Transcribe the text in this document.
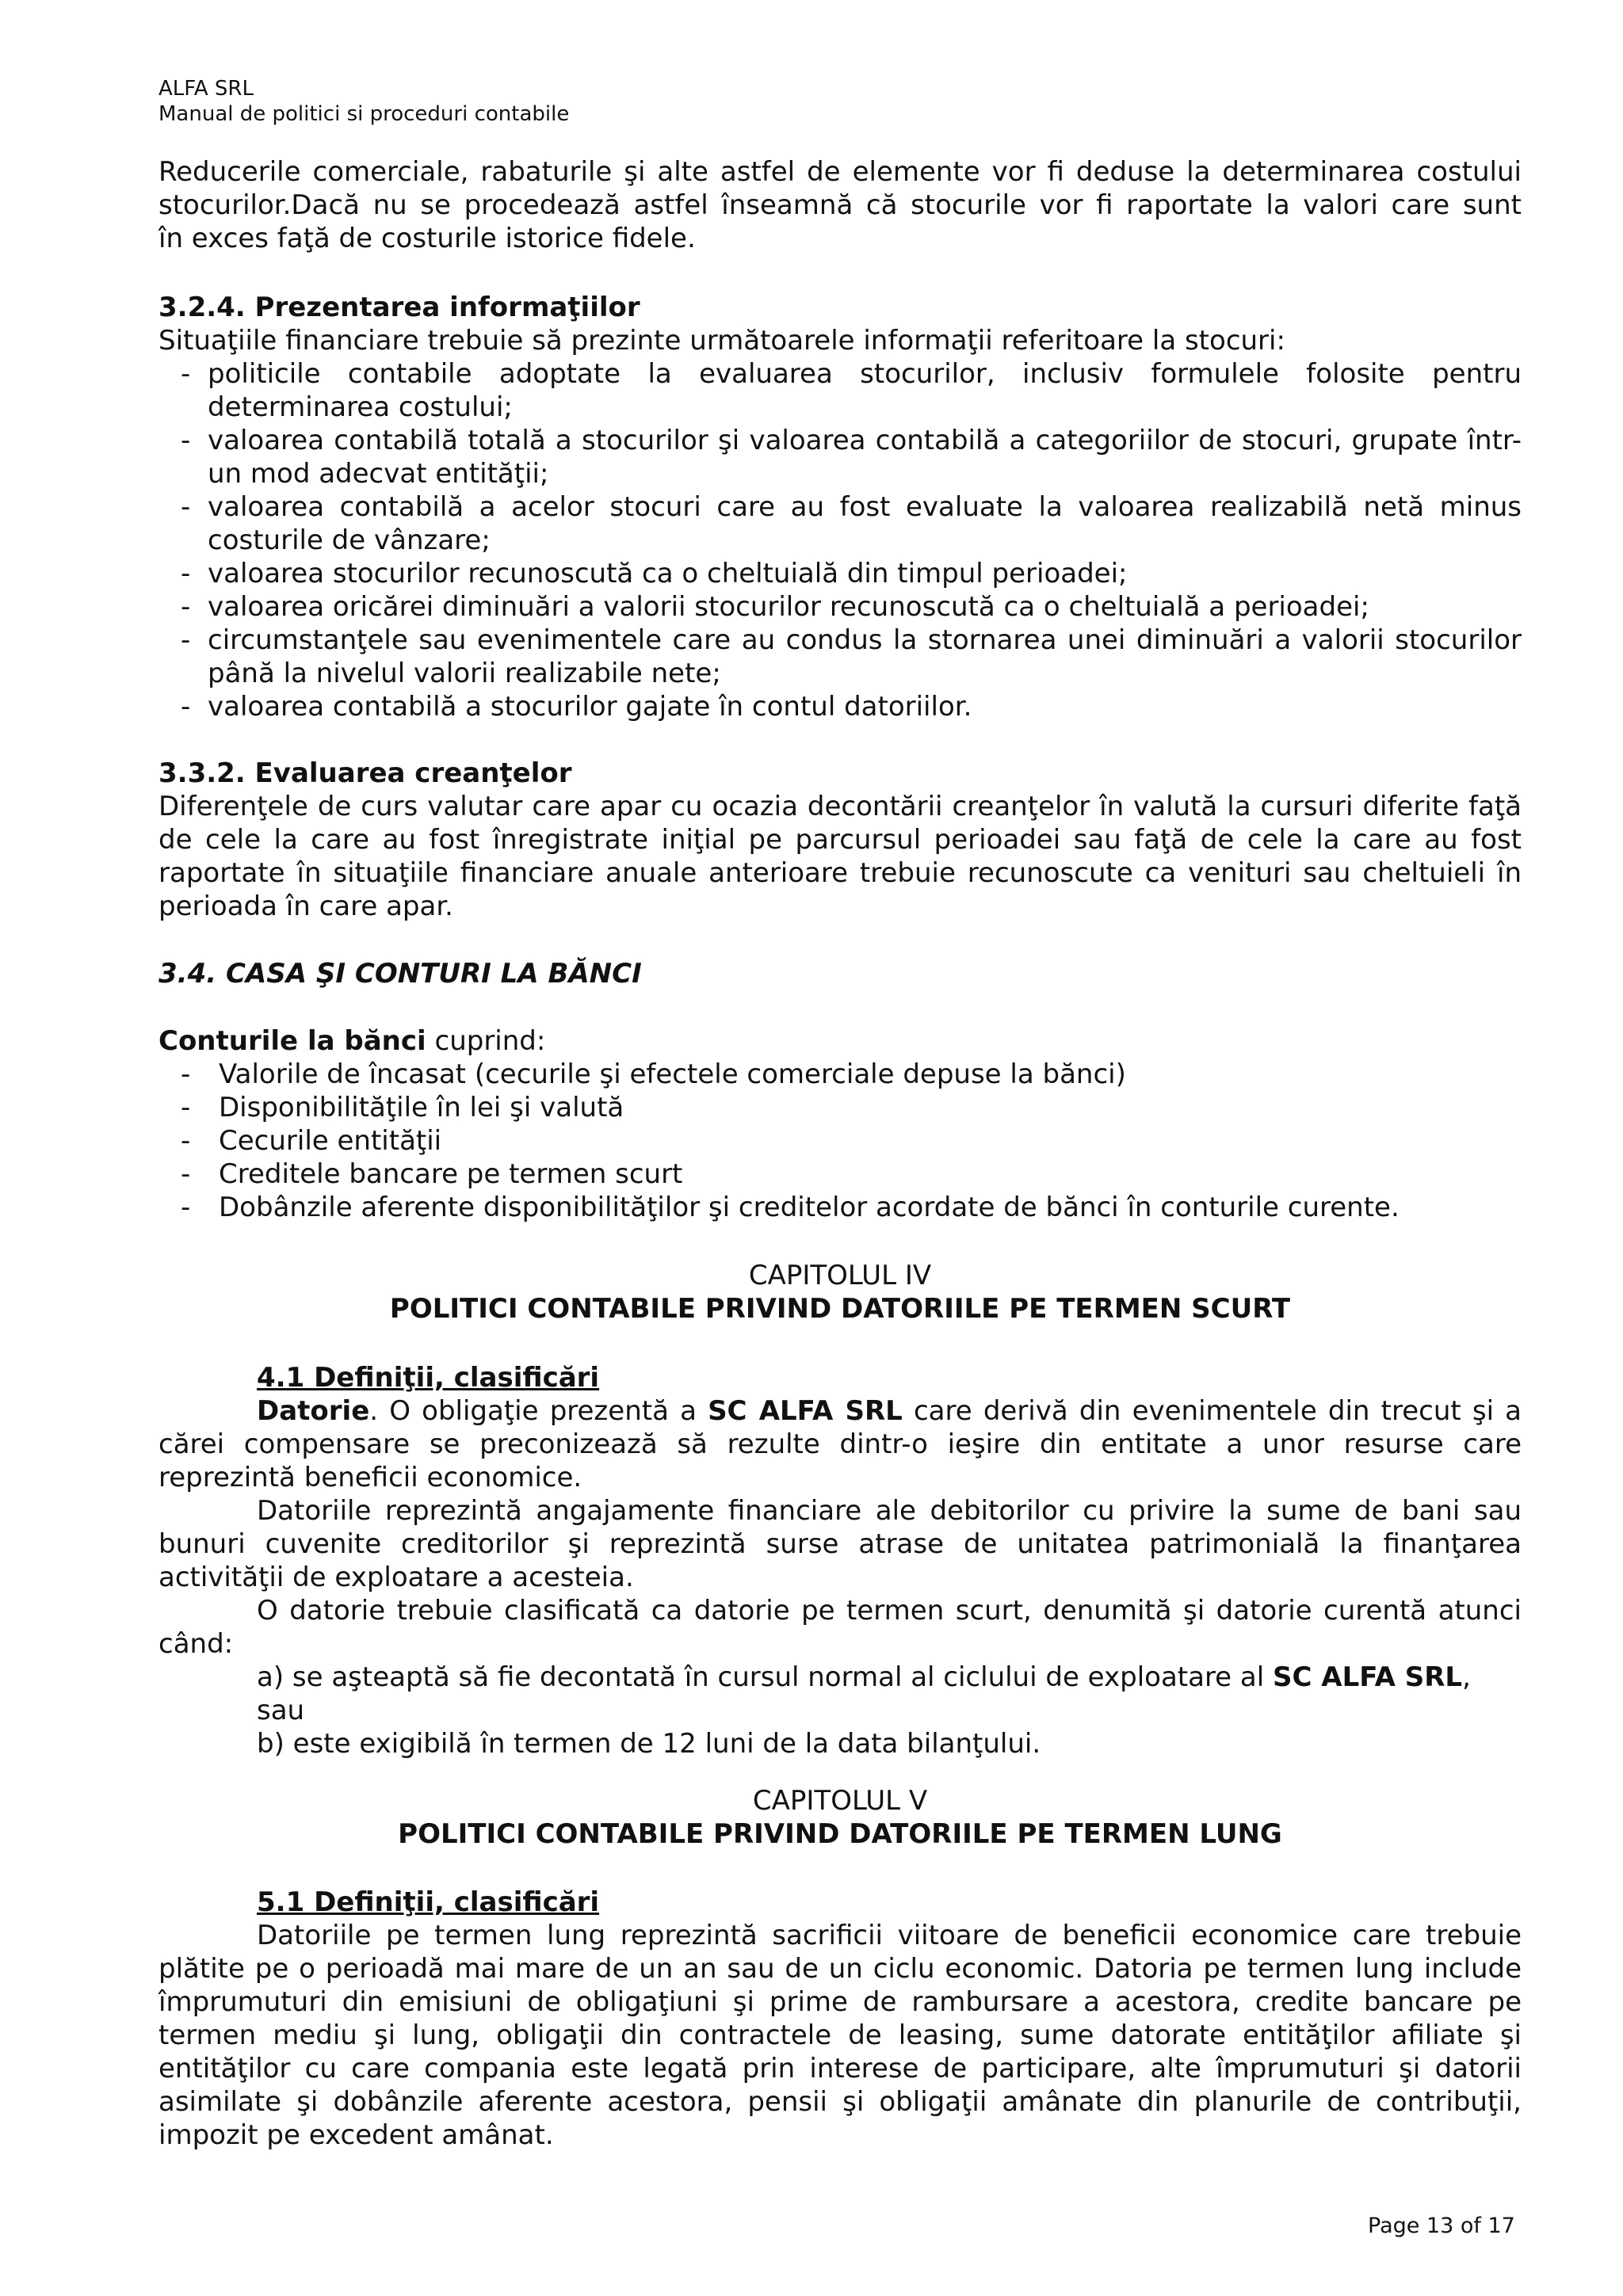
ALFA SRL
Manual de politici si proceduri contabile

Reducerile comerciale, rabaturile şi alte astfel de elemente vor fi deduse la determinarea costului

stocurilor.Dacă nu se procedează astfel înseamnă că stocurile vor fi raportate la valori care sunt

în exces faţă de costurile istorice fidele.

3.2.4. Prezentarea informaţiilor

Situaţiile financiare trebuie să prezinte următoarele informaţii referitoare la stocuri:

- politicile contabile adoptate la evaluarea stocurilor, inclusiv formulele folosite pentru determinarea costului;
- valoarea contabilă totală a stocurilor şi valoarea contabilă a categoriilor de stocuri, grupate într-un mod adecvat entităţii;
- valoarea contabilă a acelor stocuri care au fost evaluate la valoarea realizabilă netă minus costurile de vânzare;
- valoarea stocurilor recunoscută ca o cheltuială din timpul perioadei;
- valoarea oricărei diminuări a valorii stocurilor recunoscută ca o cheltuială a perioadei;
- circumstanţele sau evenimentele care au condus la stornarea unei diminuări a valorii stocurilor până la nivelul valorii realizabile nete;
- valoarea contabilă a stocurilor gajate în contul datoriilor.
3.3.2. Evaluarea creanţelor

Diferenţele de curs valutar care apar cu ocazia decontării creanţelor în valută la cursuri diferite faţă de cele la care au fost înregistrate iniţial pe parcursul perioadei sau faţă de cele la care au fost raportate în situaţiile financiare anuale anterioare trebuie recunoscute ca venituri sau cheltuieli în perioada în care apar.

3.4. CASA ŞI CONTURI LA BĂNCI

Conturile la bănci cuprind:

- Valorile de încasat (cecurile şi efectele comerciale depuse la bănci)
- Disponibilităţile în lei şi valută
- Cecurile entităţii
- Creditele bancare pe termen scurt
- Dobânzile aferente disponibilităţilor şi creditelor acordate de bănci în conturile curente.

CAPITOLUL IV

POLITICI CONTABILE PRIVIND DATORIILE PE TERMEN SCURT

4.1 Definiţii, clasificări

Datorie. O obligaţie prezentă a SC ALFA SRL care derivă din evenimentele din trecut şi a cărei compensare se preconizează să rezulte dintr-o ieşire din entitate a unor resurse care reprezintă beneficii economice.

Datoriile reprezintă angajamente financiare ale debitorilor cu privire la sume de bani sau bunuri cuvenite creditorilor şi reprezintă surse atrase de unitatea patrimonială la finanţarea activităţii de exploatare a acesteia.

O datorie trebuie clasificată ca datorie pe termen scurt, denumită şi datorie curentă atunci când:

a) se aşteaptă să fie decontată în cursul normal al ciclului de exploatare al SC ALFA SRL,

sau

b) este exigibilă în termen de 12 luni de la data bilanţului.

CAPITOLUL V

POLITICI CONTABILE PRIVIND DATORIILE PE TERMEN LUNG

5.1 Definiţii, clasificări

Datoriile pe termen lung reprezintă sacrificii viitoare de beneficii economice care trebuie plătite pe o perioadă mai mare de un an sau de un ciclu economic. Datoria pe termen lung include împrumuturi din emisiuni de obligaţiuni şi prime de rambursare a acestora, credite bancare pe termen mediu şi lung, obligaţii din contractele de leasing, sume datorate entităţilor afiliate şi entităţilor cu care compania este legată prin interese de participare, alte împrumuturi şi datorii asimilate şi dobânzile aferente acestora, pensii şi obligaţii amânate din planurile de contribuţii, impozit pe excedent amânat.

Page 13 of 17
